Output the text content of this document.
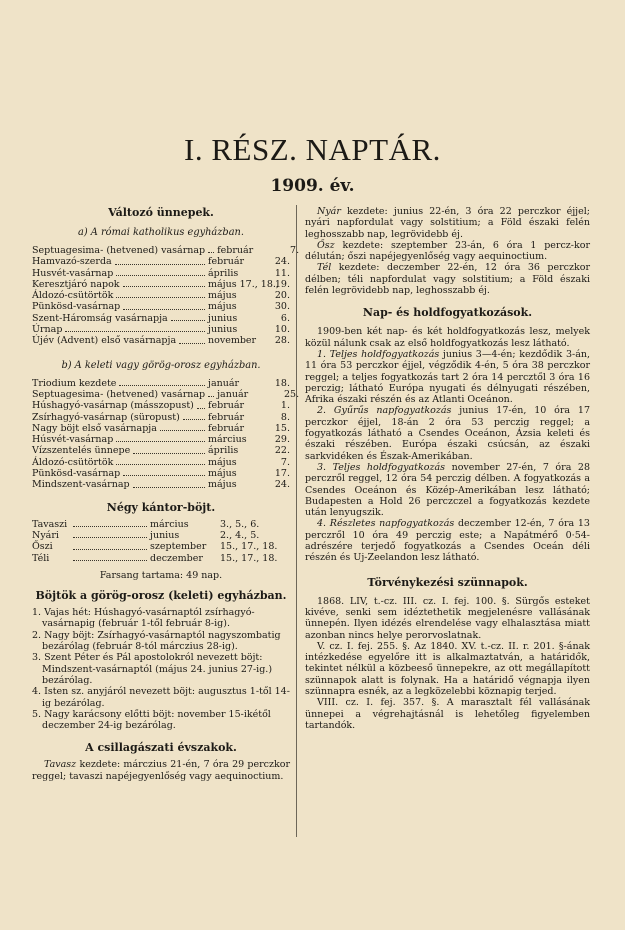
I. RÉSZ. NAPTÁR.
1909. év.
Változó ünnepek.
a) A római katholikus egyházban.
Septuagesima- (hetvened) vasárnap február	7.
Hamvazó-szerda	február	24.
Husvét-vasárnap	április	11.
Keresztjáró napok	május 17., 18.,
19.
Áldozó-csütörtök	május	20.
Pünkösd-vasárnap	május	30.
Szent-Háromság vasárnapja	junius	6.
Úrnap	junius	10.
Újév (Advent) első vasárnapja	november	28.
b) A keleti vagy görög-orosz egyházban.
Triodium kezdete	január	18.
Septuagesima- (hetvened) vasárnap január	25.
Húshagyó-vasárnap (másszopust) február	1.
Zsírhagyó-vasárnap (süropust)	február	8.
Nagy böjt első vasárnapja	február	15.
Húsvét-vasárnap	március	29.
Vízszentelés ünnepe	április	22.
Áldozó-csütörtök	május	7.
Pünkösd-vasárnap	május	17.
Mindszent-vasárnap	május	24.
Négy kántor-böjt.
Tavaszi	március	3., 5., 6.
Nyári	junius	2., 4., 5.
Őszi	szeptember	15., 17., 18.
Téli	deczember	15., 17., 18.

Farsang tartama: 49 nap.

Böjtök a görög-orosz (keleti) egyházban.
1. Vajas hét: Húshagyó-vasárnaptól zsírhagyó-vasárnapig (február 1-től február 8-ig).
2. Nagy böjt: Zsírhagyó-vasárnaptól nagyszombatig bezárólag (február 8-tól márczius 28-ig).
3. Szent Péter és Pál apostolokról nevezett böjt: Mindszent-vasárnaptól (május 24. junius 27-ig.) bezárólag.
4. Isten sz. anyjáról nevezett böjt: augusztus 1-től 14-ig bezárólag.
5. Nagy karácsony előtti böjt: november 15-ikétől deczember 24-ig bezárólag.
A csillagászati évszakok.

Tavasz kezdete: márczius 21-én, 7 óra 29 perczkor reggel; tavaszi napéjegyenlőség vagy aequinoctium.

Nyár kezdete: junius 22-én, 3 óra 22 perczkor éjjel; nyári napfordulat vagy solstitium; a Föld északi felén leghosszabb nap, legrövidebb éj.

Ősz kezdete: szeptember 23-án, 6 óra 1 percz-kor délután; őszi napéjegyenlőség vagy aequinoctium.

Tél kezdete: deczember 22-én, 12 óra 36 perczkor délben; téli napfordulat vagy solstitium; a Föld északi felén legrövidebb nap, leghosszabb éj.

Nap- és holdfogyatkozások.

1909-ben két nap- és két holdfogyatkozás lesz, melyek közül nálunk csak az első holdfogyatkozás lesz látható.

1. Teljes holdfogyatkozás junius 3—4-én; kezdődik 3-án, 11 óra 53 perczkor éjjel, végződik 4-én, 5 óra 38 perczkor reggel; a teljes fogyatkozás tart 2 óra 14 percztől 3 óra 16 perczig; látható Európa nyugati és délnyugati részében, Afrika északi részén és az Atlanti Oceánon.

2. Gyűrűs napfogyatkozás junius 17-én, 10 óra 17 perczkor éjjel, 18-án 2 óra 53 perczig reggel; a fogyatkozás látható a Csendes Oceánon, Ázsia keleti és északi részében. Európa északi csúcsán, az északi sarkvidéken és Észak-Amerikában.

3. Teljes holdfogyatkozás november 27-én, 7 óra 28 perczről reggel, 12 óra 54 perczig délben. A fogyatkozás a Csendes Oceánon és Közép-Amerikában lesz látható; Budapesten a Hold 26 perczczel a fogyatkozás kezdete után lenyugszik.

4. Részletes napfogyatkozás deczember 12-én, 7 óra 13 perczről 10 óra 49 perczig este; a Napátmérő 0·54-adrészére terjedő fogyatkozás a Csendes Oceán déli részén és Uj-Zeelandon lesz látható.

Törvénykezési szünnapok.

1868. LIV, t.-cz. III. cz. I. fej. 100. §. Sürgős esteket kivéve, senki sem idéztethetik megjelenésre vallásának ünnepén. Ilyen idézés elrendelése vagy elhalasztása miatt azonban nincs helye perorvoslatnak.

V. cz. I. fej. 255. §. Az 1840. XV. t.-cz. II. r. 201. §-ának intézkedése egyelőre itt is alkalmaztatván, a határidők, tekintet nélkül a közbeeső ünnepekre, az ott megállapított szünnapok alatt is folynak. Ha a határidő végnapja ilyen szünnapra esnék, az a legközelebbi köznapig terjed.

VIII. cz. I. fej. 357. §. A marasztalt fél vallásának ünnepei a végrehajtásnál is lehetőleg figyelemben tartandók.
